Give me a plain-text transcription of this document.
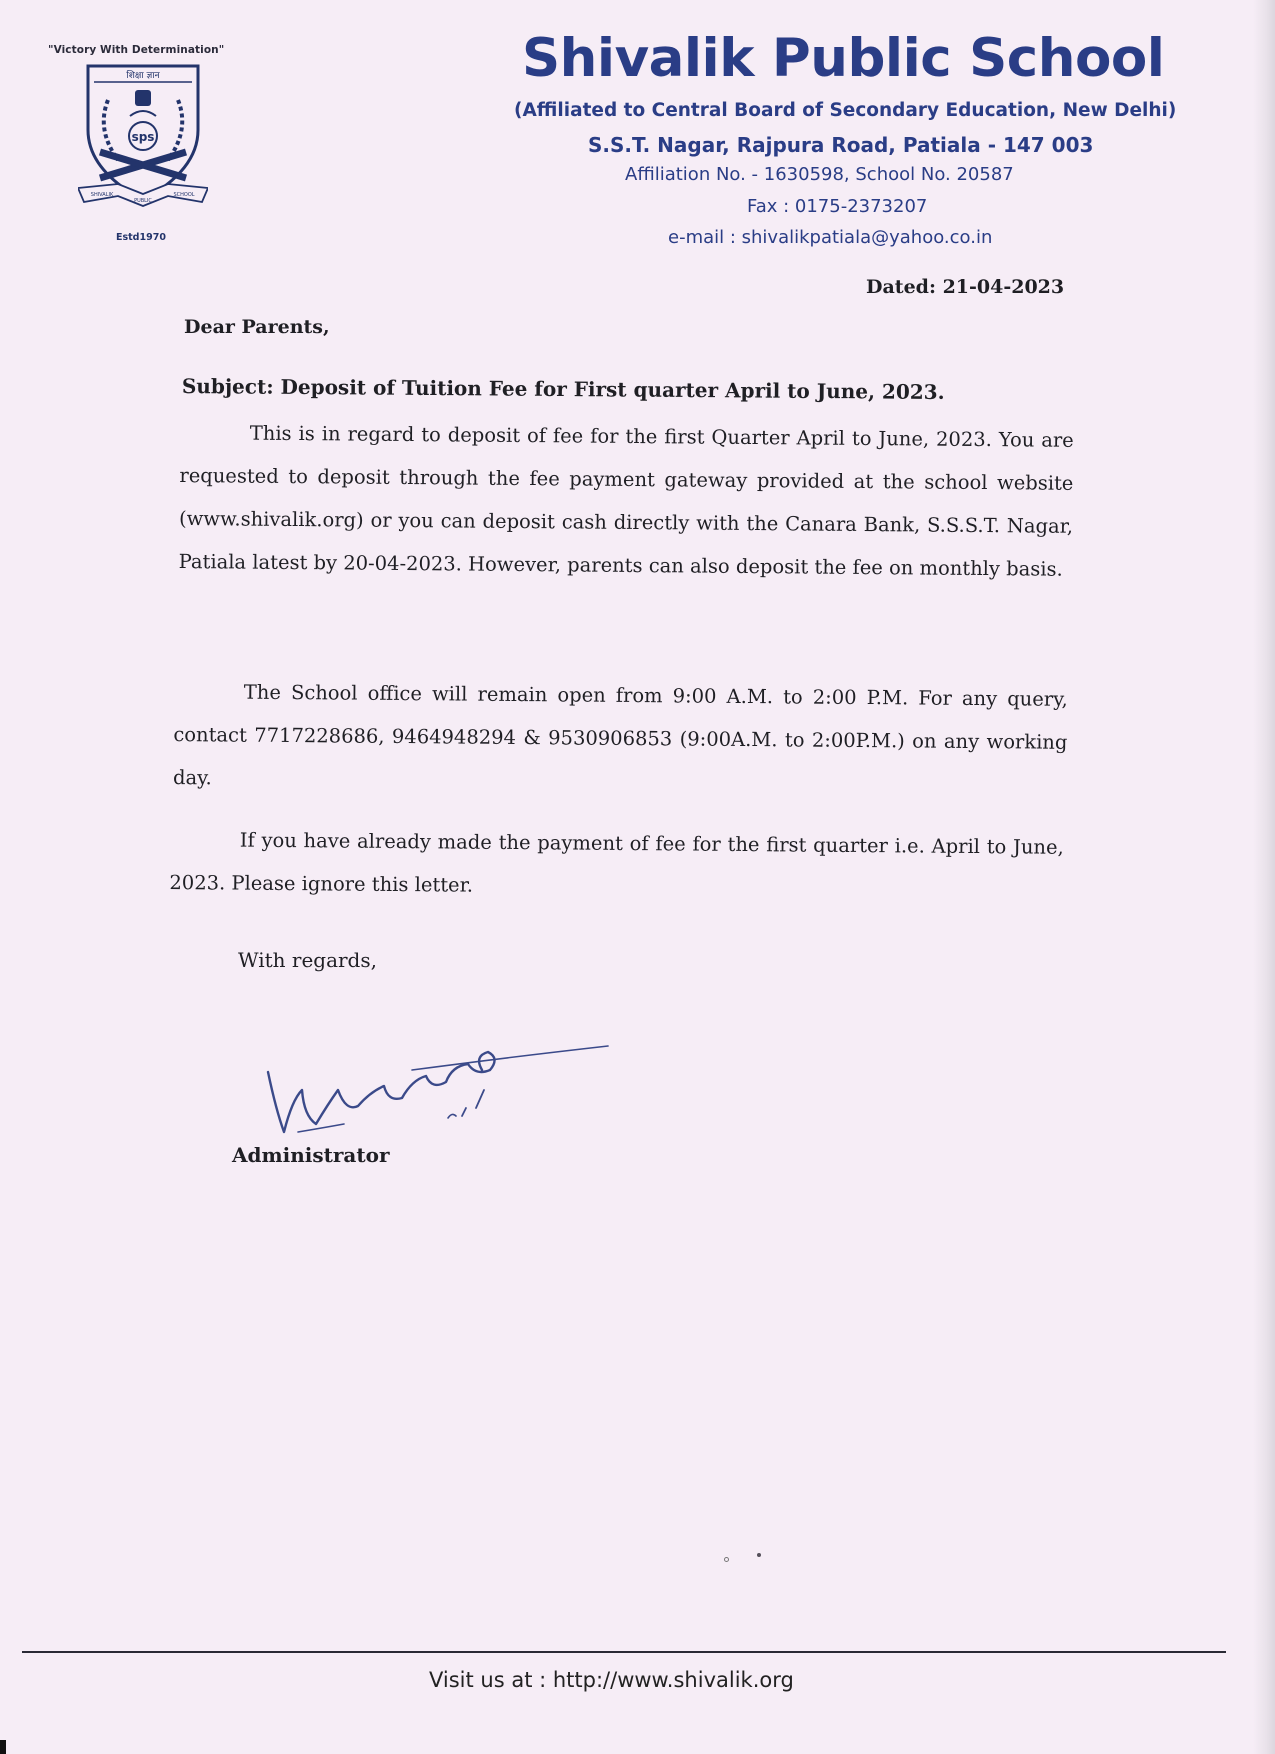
"Victory With Determination"
शिक्षा ज्ञान
sps
SHIVALIK
PUBLIC
SCHOOL
Estd1970
Shivalik Public School
(Affiliated to Central Board of Secondary Education, New Delhi)
S.S.T. Nagar, Rajpura Road, Patiala - 147 003
Affiliation No. - 1630598, School No. 20587
Fax : 0175-2373207
e-mail : shivalikpatiala@yahoo.co.in
Dated: 21-04-2023
Dear Parents,
Subject: Deposit of Tuition Fee for First quarter April to June, 2023.
This is in regard to deposit of fee for the first Quarter April to June, 2023. You are requested to deposit through the fee payment gateway provided at the school website (www.shivalik.org) or you can deposit cash directly with the Canara Bank, S.S.S.T. Nagar, Patiala latest by 20-04-2023. However, parents can also deposit the fee on monthly basis.
The School office will remain open from 9:00 A.M. to 2:00 P.M. For any query, contact 7717228686, 9464948294 & 9530906853 (9:00A.M. to 2:00P.M.) on any working day.
If you have already made the payment of fee for the first quarter i.e. April to June, 2023. Please ignore this letter.
With regards,
Administrator
Visit us at : http://www.shivalik.org
